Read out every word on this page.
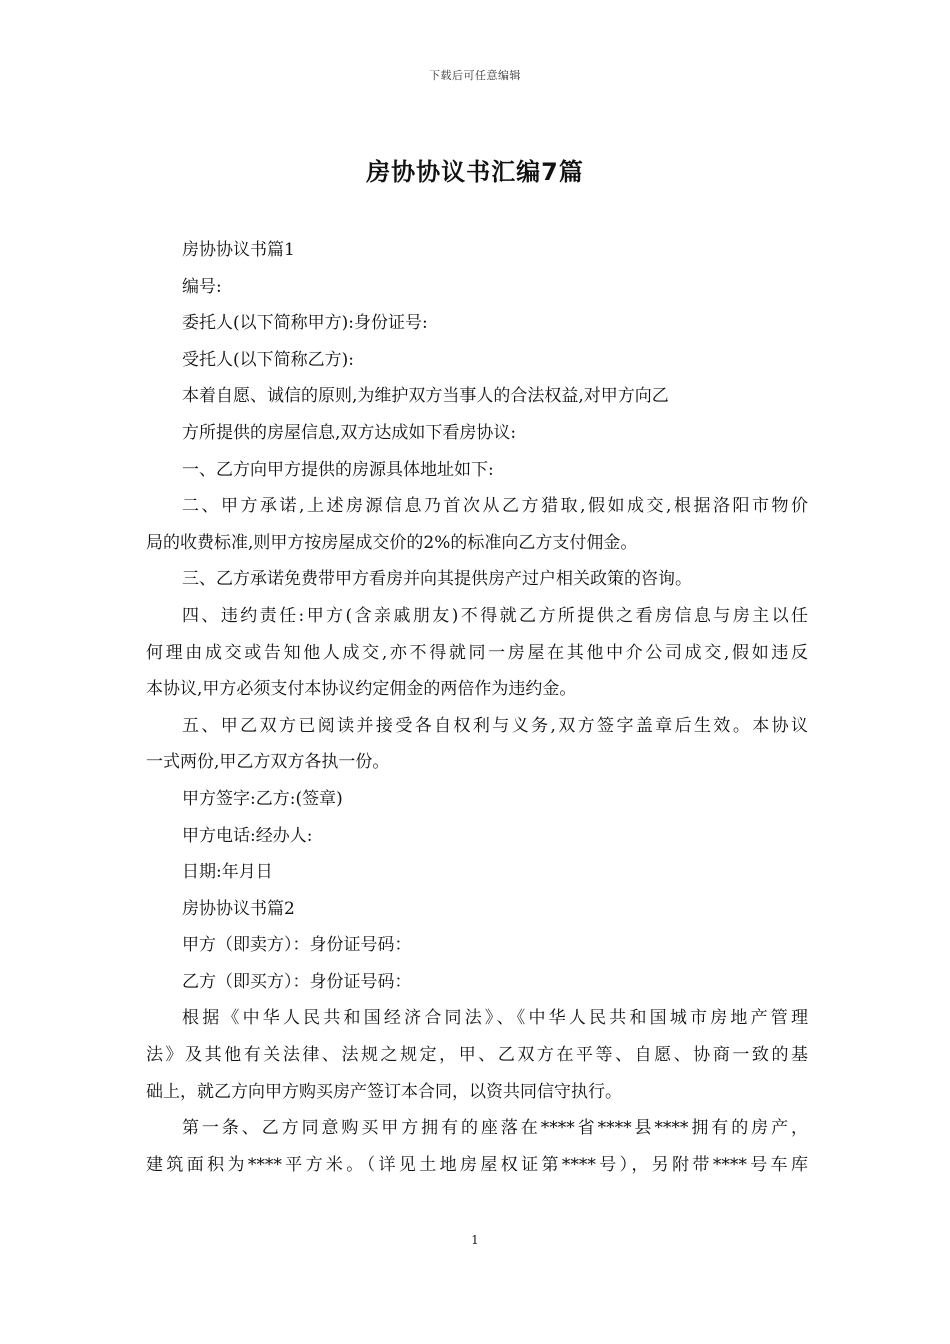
下载后可任意编辑
房协协议书汇编7篇
房协协议书篇1
编号:
委托人(以下简称甲方):身份证号:
受托人(以下简称乙方):
本着自愿、诚信的原则,为维护双方当事人的合法权益,对甲方向乙
方所提供的房屋信息,双方达成如下看房协议:
一、乙方向甲方提供的房源具体地址如下:
二、甲方承诺,上述房源信息乃首次从乙方猎取,假如成交,根据洛阳市物价
局的收费标准,则甲方按房屋成交价的2%的标准向乙方支付佣金。
三、乙方承诺免费带甲方看房并向其提供房产过户相关政策的咨询。
四、违约责任:甲方(含亲戚朋友)不得就乙方所提供之看房信息与房主以任
何理由成交或告知他人成交,亦不得就同一房屋在其他中介公司成交,假如违反
本协议,甲方必须支付本协议约定佣金的两倍作为违约金。
五、甲乙双方已阅读并接受各自权利与义务,双方签字盖章后生效。本协议
一式两份,甲乙方双方各执一份。
甲方签字:乙方:(签章)
甲方电话:经办人:
日期:年月日
房协协议书篇2
甲方（即卖方）：身份证号码：
乙方（即买方）：身份证号码：
根据《中华人民共和国经济合同法》、《中华人民共和国城市房地产管理
法》及其他有关法律、法规之规定，甲、乙双方在平等、自愿、协商一致的基
础上，就乙方向甲方购买房产签订本合同，以资共同信守执行。
第一条、乙方同意购买甲方拥有的座落在****省****县****拥有的房产，
建筑面积为****平方米。（详见土地房屋权证第****号），另附带****号车库
1
